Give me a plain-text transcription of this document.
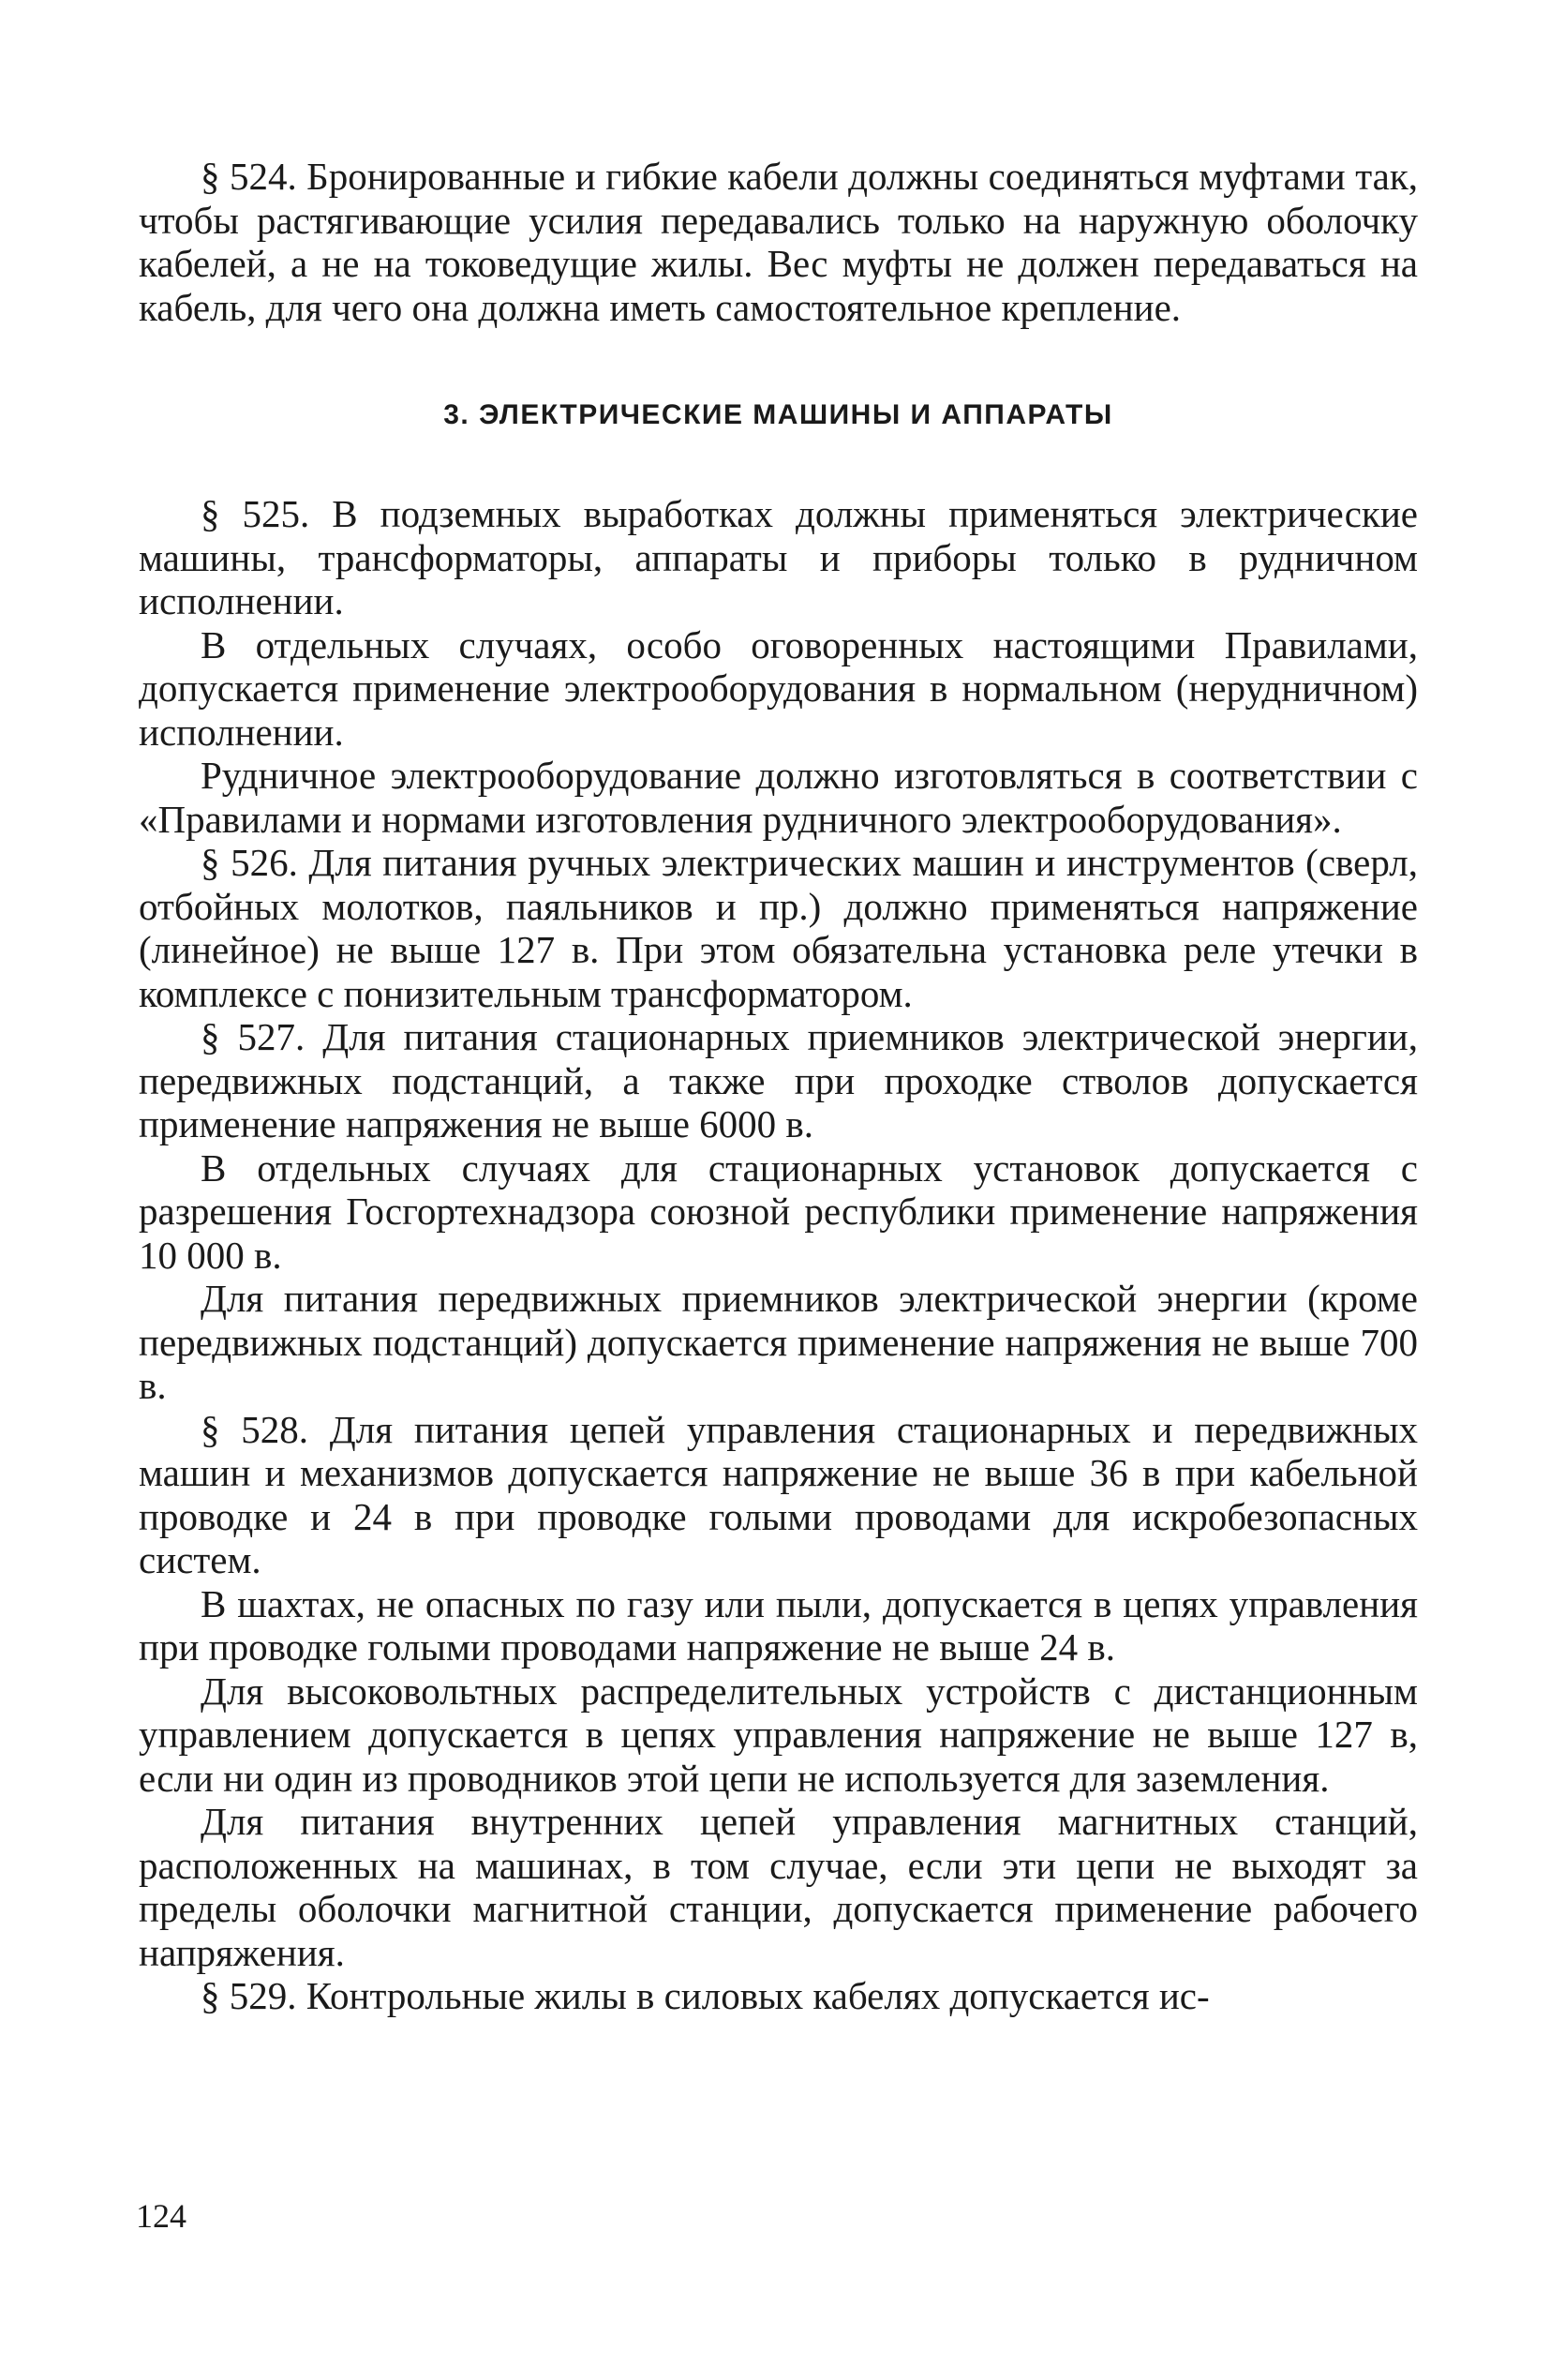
§ 524. Бронированные и гибкие кабели должны соединяться муфтами так, чтобы растягивающие усилия передавались только на наружную оболочку кабелей, а не на токоведущие жилы. Вес муфты не должен передаваться на кабель, для чего она должна иметь самостоятельное крепление.

3. ЭЛЕКТРИЧЕСКИЕ МАШИНЫ И АППАРАТЫ

§ 525. В подземных выработках должны применяться электрические машины, трансформаторы, аппараты и приборы только в рудничном исполнении.

В отдельных случаях, особо оговоренных настоящими Правилами, допускается применение электрооборудования в нормальном (нерудничном) исполнении.

Рудничное электрооборудование должно изготовляться в соответствии с «Правилами и нормами изготовления рудничного электрооборудования».

§ 526. Для питания ручных электрических машин и инструментов (сверл, отбойных молотков, паяльников и пр.) должно применяться напряжение (линейное) не выше 127 в. При этом обязательна установка реле утечки в комплексе с понизительным трансформатором.

§ 527. Для питания стационарных приемников электрической энергии, передвижных подстанций, а также при проходке стволов допускается применение напряжения не выше 6000 в.

В отдельных случаях для стационарных установок допускается с разрешения Госгортехнадзора союзной республики применение напряжения 10 000 в.

Для питания передвижных приемников электрической энергии (кроме передвижных подстанций) допускается применение напряжения не выше 700 в.

§ 528. Для питания цепей управления стационарных и передвижных машин и механизмов допускается напряжение не выше 36 в при кабельной проводке и 24 в при проводке голыми проводами для искробезопасных систем.

В шахтах, не опасных по газу или пыли, допускается в цепях управления при проводке голыми проводами напряжение не выше 24 в.

Для высоковольтных распределительных устройств с дистанционным управлением допускается в цепях управления напряжение не выше 127 в, если ни один из проводников этой цепи не используется для заземления.

Для питания внутренних цепей управления магнитных станций, расположенных на машинах, в том случае, если эти цепи не выходят за пределы оболочки магнитной станции, допускается применение рабочего напряжения.

§ 529. Контрольные жилы в силовых кабелях допускается ис-

124
